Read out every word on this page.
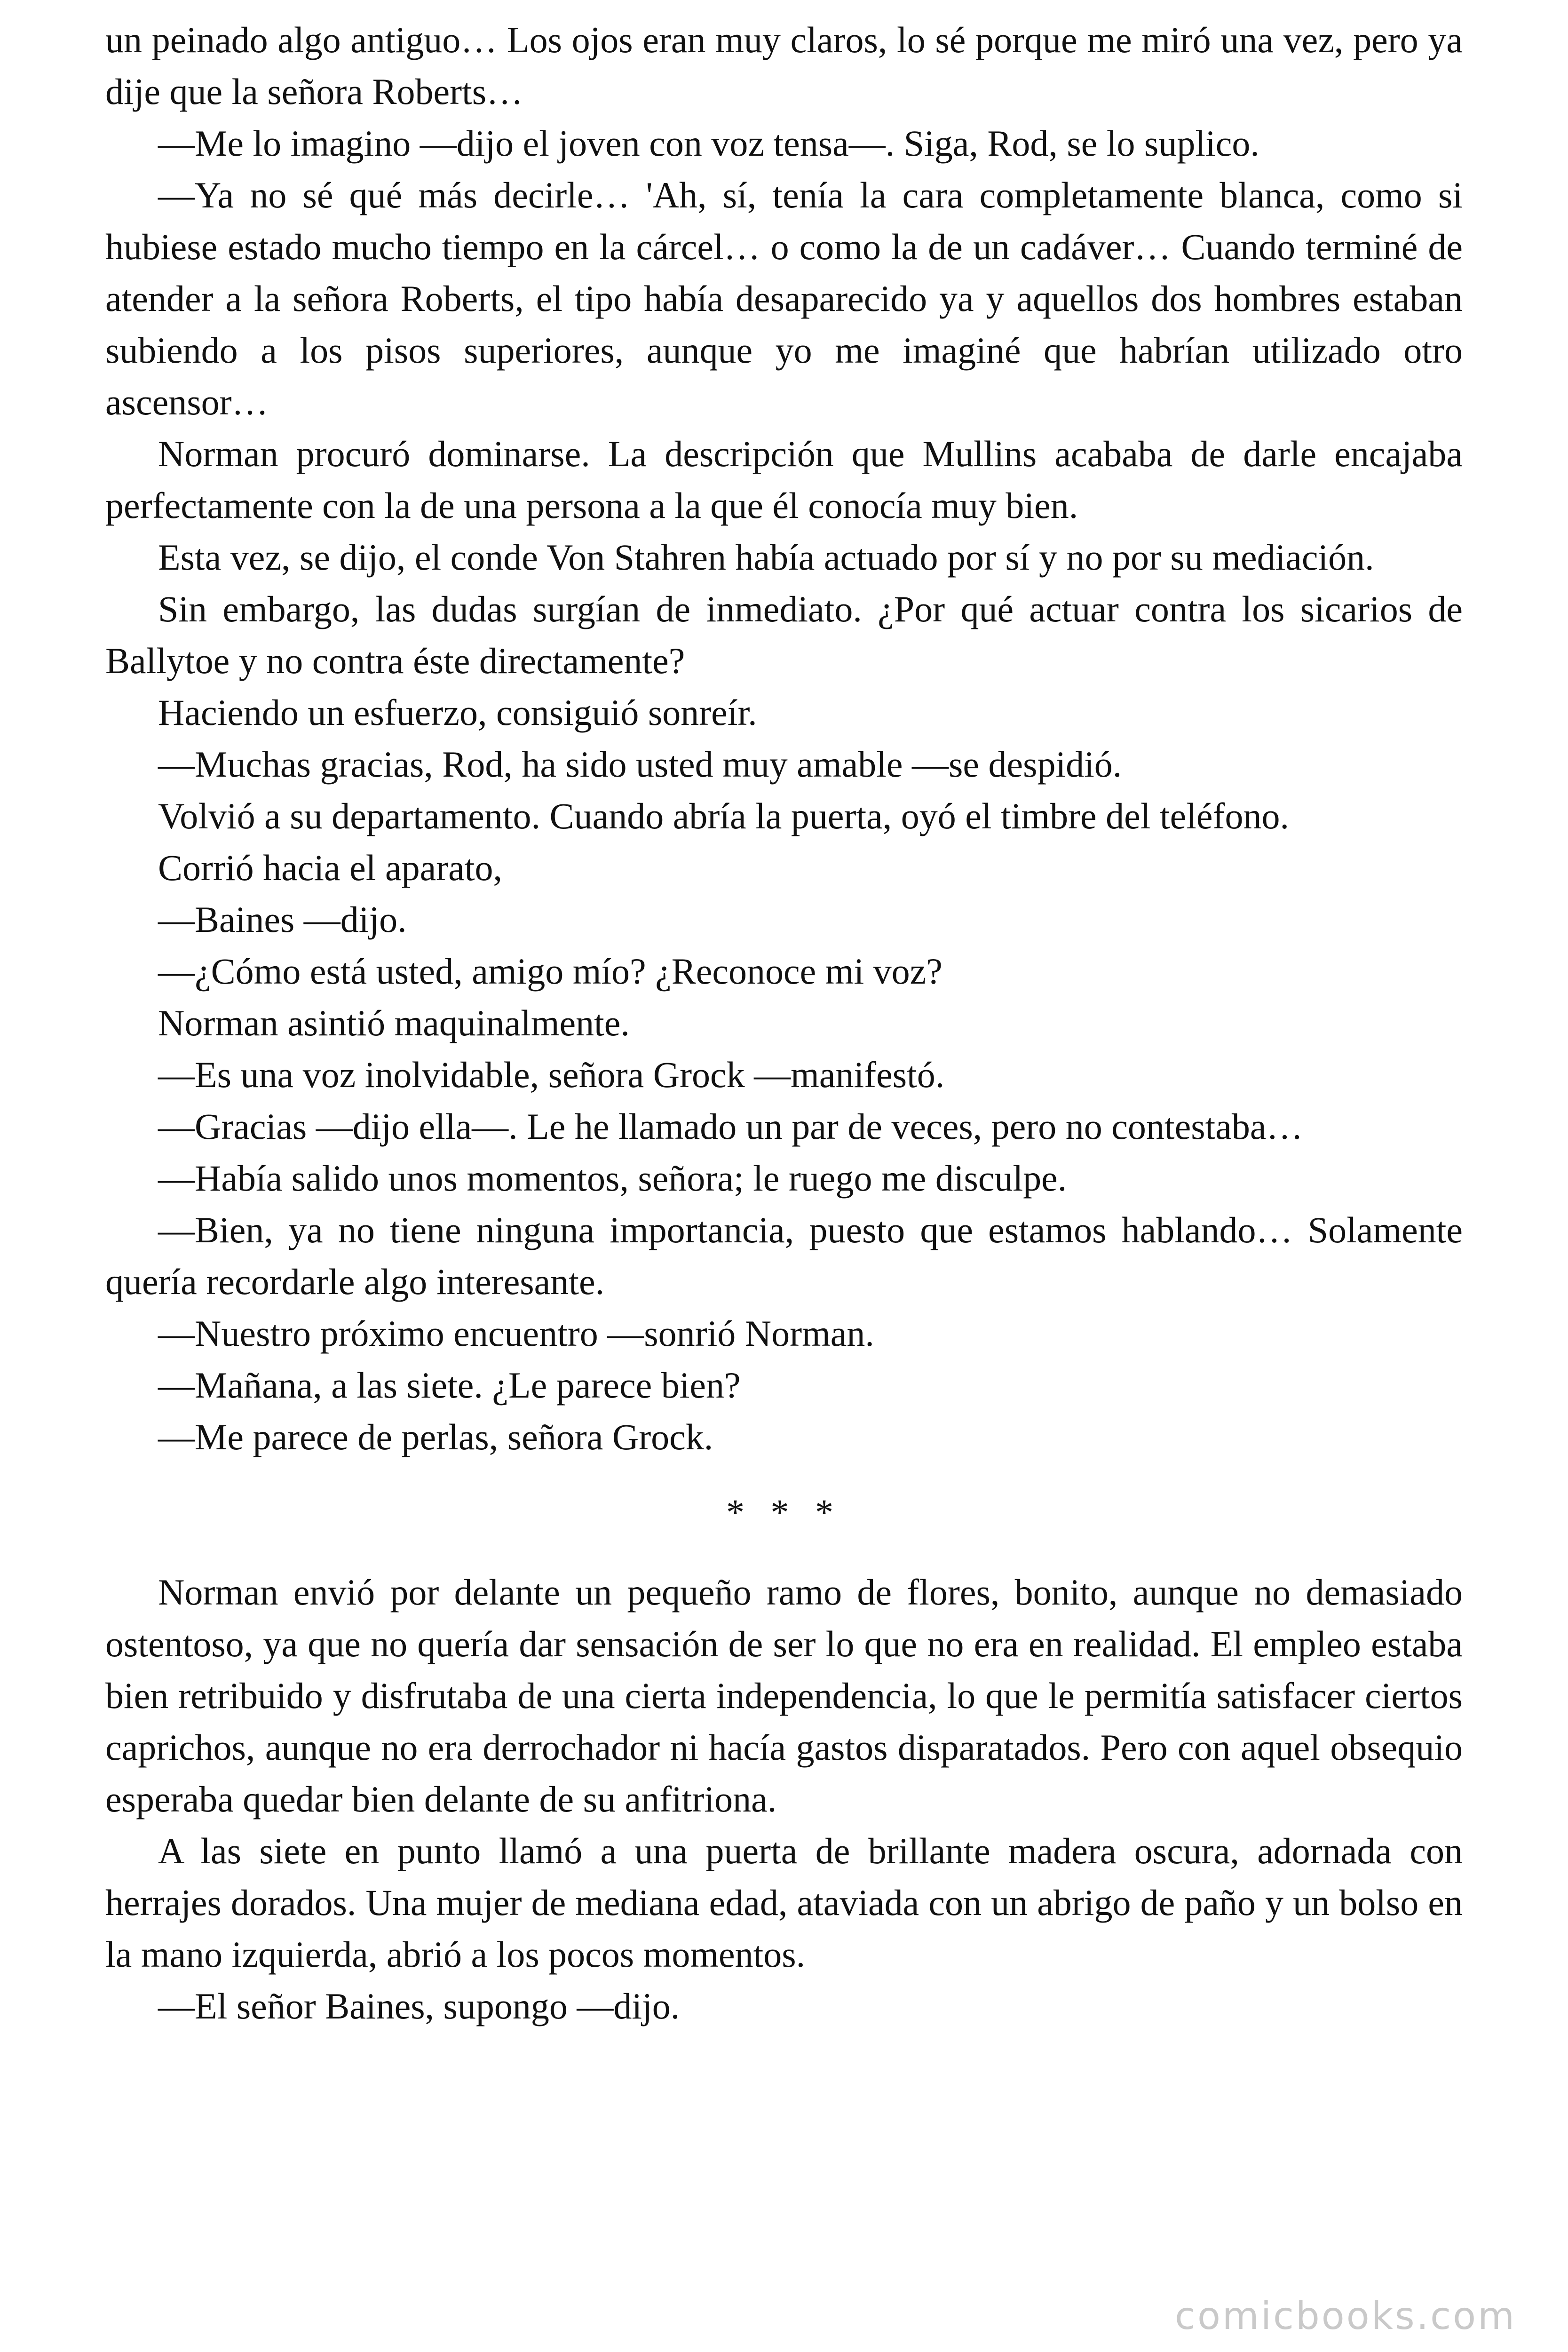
un peinado algo antiguo… Los ojos eran muy claros, lo sé porque me miró una vez, pero ya dije que la señora Roberts…

—Me lo imagino —dijo el joven con voz tensa—. Siga, Rod, se lo suplico.

—Ya no sé qué más decirle… 'Ah, sí, tenía la cara completamente blanca, como si hubiese estado mucho tiempo en la cárcel… o como la de un cadáver… Cuando terminé de atender a la señora Roberts, el tipo había desaparecido ya y aquellos dos hombres estaban subiendo a los pisos superiores, aunque yo me imaginé que habrían utilizado otro ascensor…

Norman procuró dominarse. La descripción que Mullins acababa de darle encajaba perfectamente con la de una persona a la que él conocía muy bien.

Esta vez, se dijo, el conde Von Stahren había actuado por sí y no por su mediación.

Sin embargo, las dudas surgían de inmediato. ¿Por qué actuar contra los sicarios de Ballytoe y no contra éste directamente?

Haciendo un esfuerzo, consiguió sonreír.

—Muchas gracias, Rod, ha sido usted muy amable —se despidió.

Volvió a su departamento. Cuando abría la puerta, oyó el timbre del teléfono.

Corrió hacia el aparato,

—Baines —dijo.

—¿Cómo está usted, amigo mío? ¿Reconoce mi voz?

Norman asintió maquinalmente.

—Es una voz inolvidable, señora Grock —manifestó.

—Gracias —dijo ella—. Le he llamado un par de veces, pero no contestaba…

—Había salido unos momentos, señora; le ruego me disculpe.

—Bien, ya no tiene ninguna importancia, puesto que estamos hablando… Solamente quería recordarle algo interesante.

—Nuestro próximo encuentro —sonrió Norman.

—Mañana, a las siete. ¿Le parece bien?

—Me parece de perlas, señora Grock.

* * *

Norman envió por delante un pequeño ramo de flores, bonito, aunque no demasiado ostentoso, ya que no quería dar sensación de ser lo que no era en realidad. El empleo estaba bien retribuido y disfrutaba de una cierta independencia, lo que le permitía satisfacer ciertos caprichos, aunque no era derrochador ni hacía gastos disparatados. Pero con aquel obsequio esperaba quedar bien delante de su anfitriona.

A las siete en punto llamó a una puerta de brillante madera oscura, adornada con herrajes dorados. Una mujer de mediana edad, ataviada con un abrigo de paño y un bolso en la mano izquierda, abrió a los pocos momentos.

—El señor Baines, supongo —dijo.

comicbooks.com
